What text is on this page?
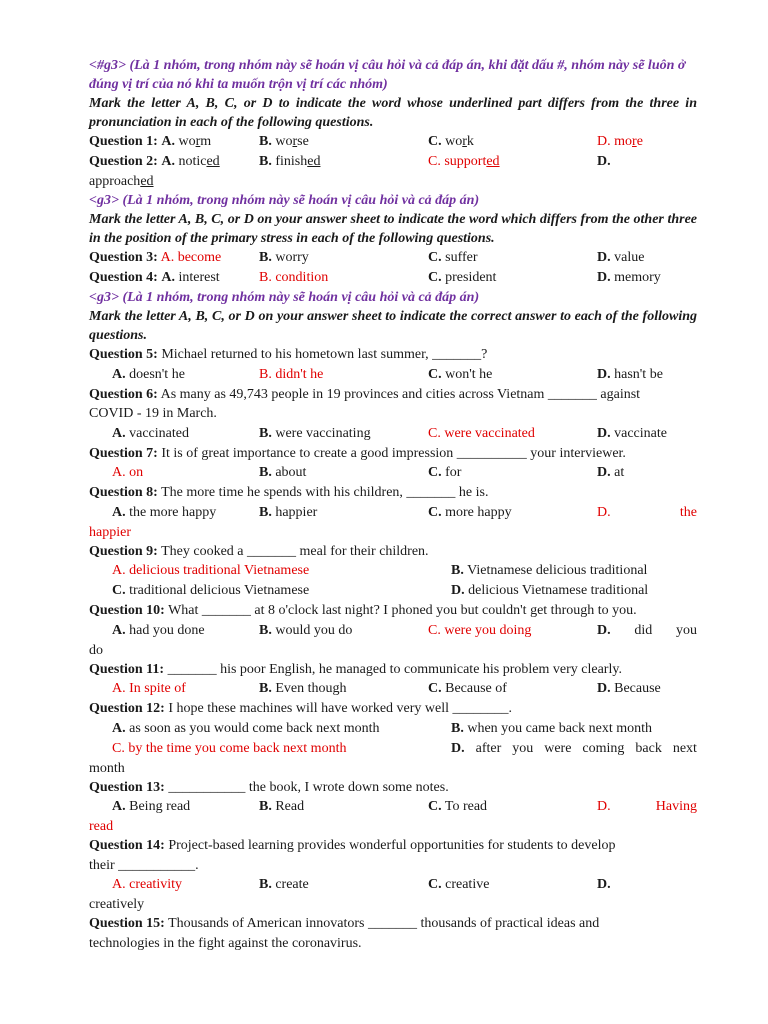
<#g3> (Là 1 nhóm, trong nhóm này sẽ hoán vị câu hỏi và cả đáp án, khi đặt dấu #, nhóm này sẽ luôn ở đúng vị trí của nó khi ta muốn trộn vị trí các nhóm)
Mark the letter A, B, C, or D to indicate the word whose underlined part differs from the three in pronunciation in each of the following questions.
Question 1: A. worm	B. worse	C. work	D. more
Question 2: A. noticed	B. finished	C. supported	D.
approached
<g3> (Là 1 nhóm, trong nhóm này sẽ hoán vị câu hỏi và cả đáp án)
Mark the letter A, B, C, or D on your answer sheet to indicate the word which differs from the other three in the position of the primary stress in each of the following questions.
Question 3: A. become	B. worry	C. suffer	D. value
Question 4: A. interest	B. condition	C. president	D. memory
<g3> (Là 1 nhóm, trong nhóm này sẽ hoán vị câu hỏi và cả đáp án)
Mark the letter A, B, C, or D on your answer sheet to indicate the correct answer to each of the following questions.
Question 5: Michael returned to his hometown last summer, _______?
A. doesn't he	B. didn't he	C. won't he	D. hasn't be
Question 6: As many as 49,743 people in 19 provinces and cities across Vietnam _______ against
COVID - 19 in March.
A. vaccinated	B. were vaccinating	C. were vaccinated	D. vaccinate
Question 7: It is of great importance to create a good impression __________ your interviewer.
A. on	B. about	C. for	D. at
Question 8: The more time he spends with his children, _______ he is.
A. the more happy	B. happier	C. more happy	D.	the
happier
Question 9: They cooked a _______ meal for their children.
A. delicious traditional Vietnamese	B. Vietnamese delicious traditional
C. traditional delicious Vietnamese	D. delicious Vietnamese traditional
Question 10: What _______ at 8 o'clock last night? I phoned you but couldn't get through to you.
A. had you done	B. would you do	C. were you doing	D. did you
do
Question 11: _______ his poor English, he managed to communicate his problem very clearly.
A. In spite of	B. Even though	C. Because of	D. Because
Question 12: I hope these machines will have worked very well ________.
A. as soon as you would come back next month	B. when you came back next month
C. by the time you come back next month	D. after you were coming back next
month
Question 13: ___________ the book, I wrote down some notes.
A. Being read	B. Read	C. To read	D.	Having
read
Question 14: Project-based learning provides wonderful opportunities for students to develop
their ___________.
A. creativity	B. create	C. creative	D.
creatively
Question 15: Thousands of American innovators _______ thousands of practical ideas and
technologies in the fight against the coronavirus.
